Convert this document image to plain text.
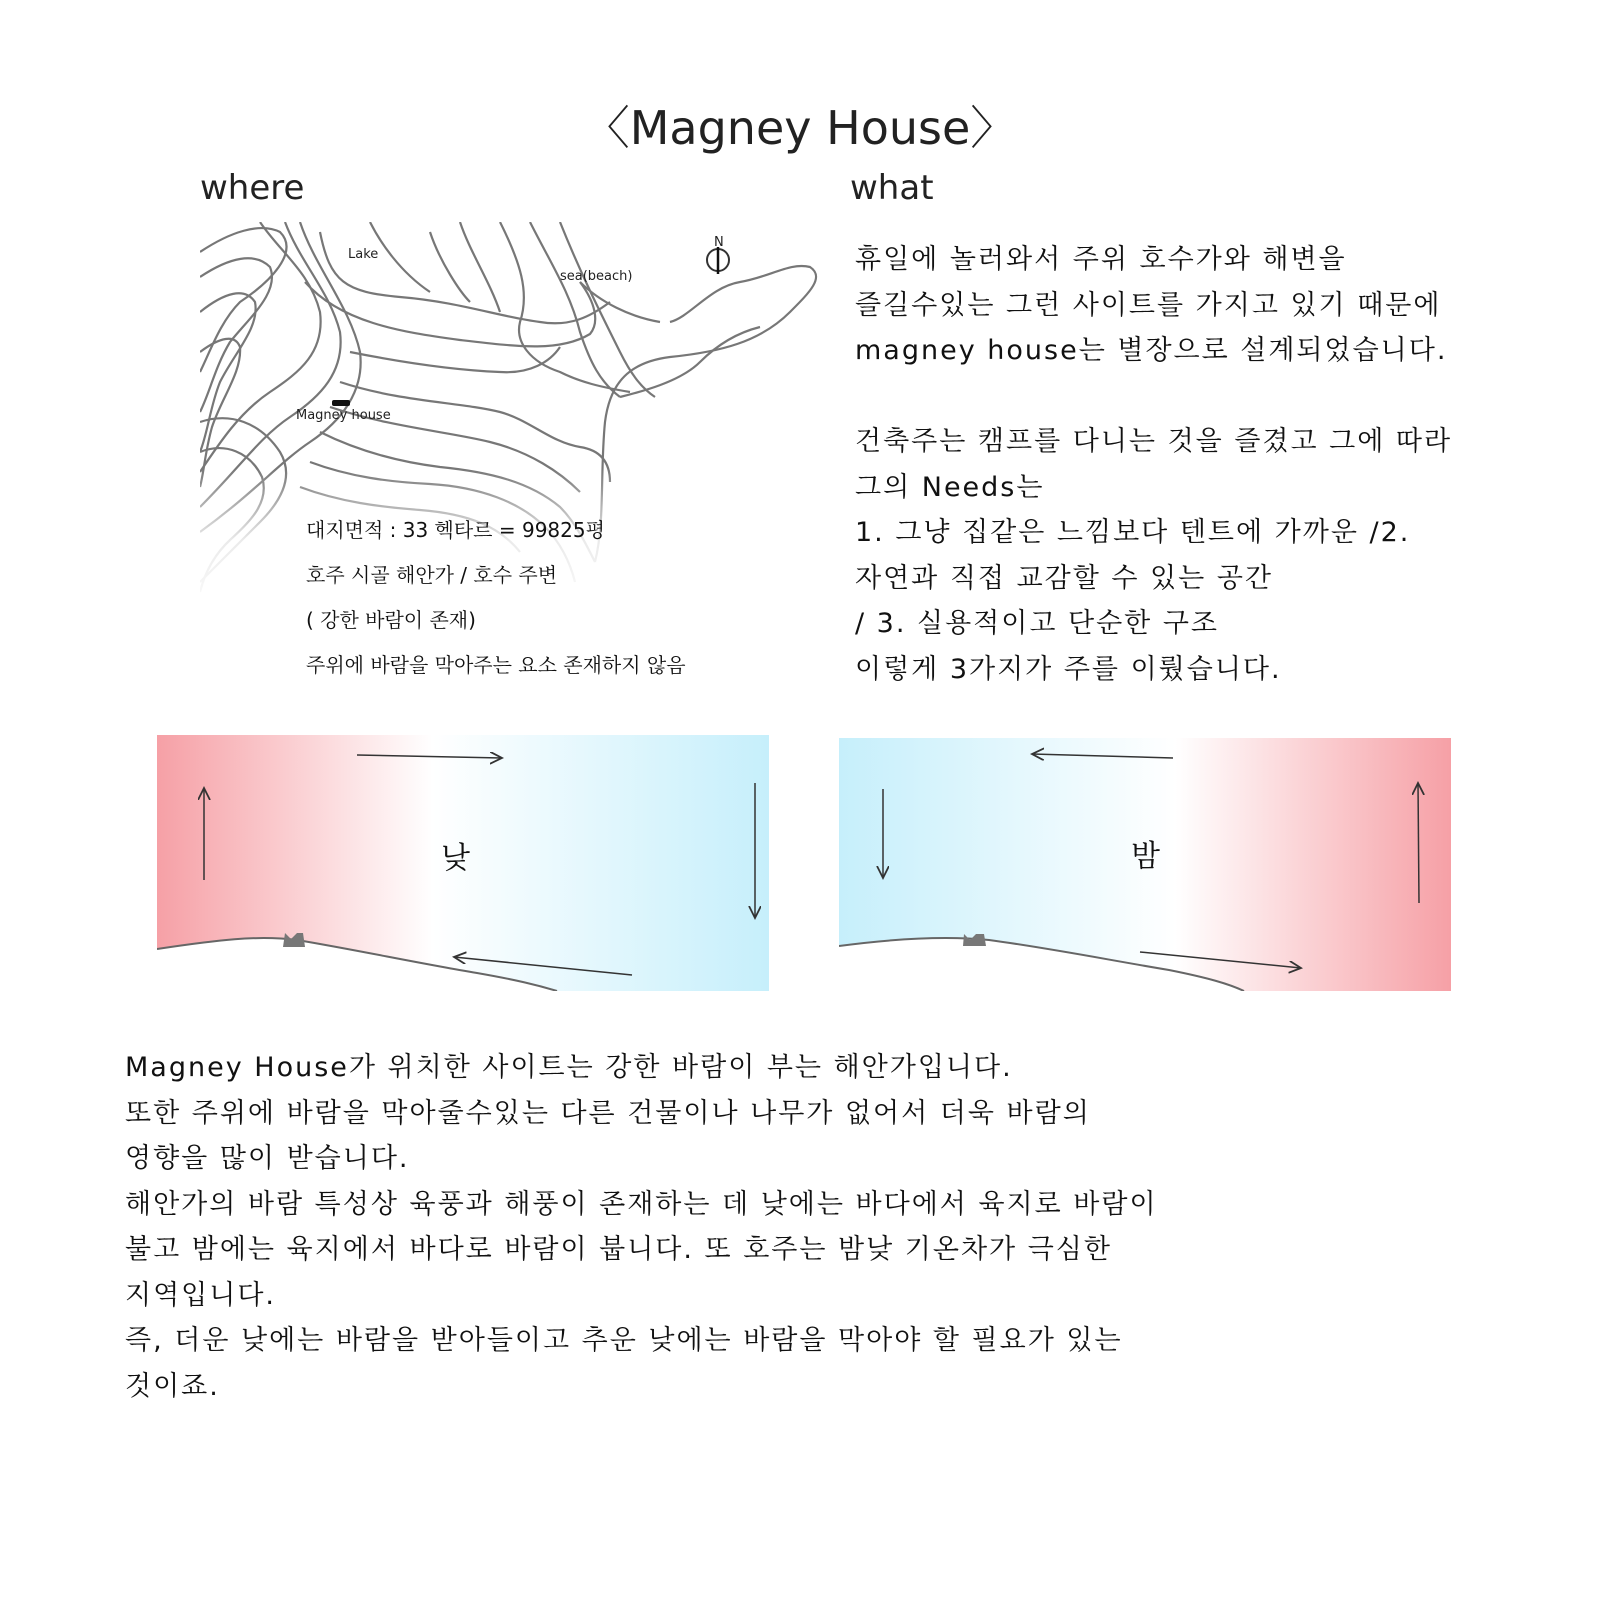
〈Magney House〉
where	what
Lake
sea(beach)
Magney house
N
대지면적 : 33 헥타르 = 99825평
호주 시골 해안가 / 호수 주변
( 강한 바람이 존재)
주위에 바람을 막아주는 요소 존재하지 않음
휴일에 놀러와서 주위 호수가와 해변을
즐길수있는 그런 사이트를 가지고 있기 때문에
magney house는 별장으로 설계되었습니다.
건축주는 캠프를 다니는 것을 즐겼고 그에 따라
그의 Needs는
1. 그냥 집같은 느낌보다 텐트에 가까운 /2.
자연과 직접 교감할 수 있는 공간
/ 3. 실용적이고 단순한 구조
이렇게 3가지가 주를 이뤘습니다.
낮	밤
Magney House가 위치한 사이트는 강한 바람이 부는 해안가입니다.
또한 주위에 바람을 막아줄수있는 다른 건물이나 나무가 없어서 더욱 바람의
영향을 많이 받습니다.
해안가의 바람 특성상 육풍과 해풍이 존재하는 데 낮에는 바다에서 육지로 바람이
불고 밤에는 육지에서 바다로 바람이 붑니다. 또 호주는 밤낮 기온차가 극심한
지역입니다.
즉, 더운 낮에는 바람을 받아들이고 추운 낮에는 바람을 막아야 할 필요가 있는
것이죠.
